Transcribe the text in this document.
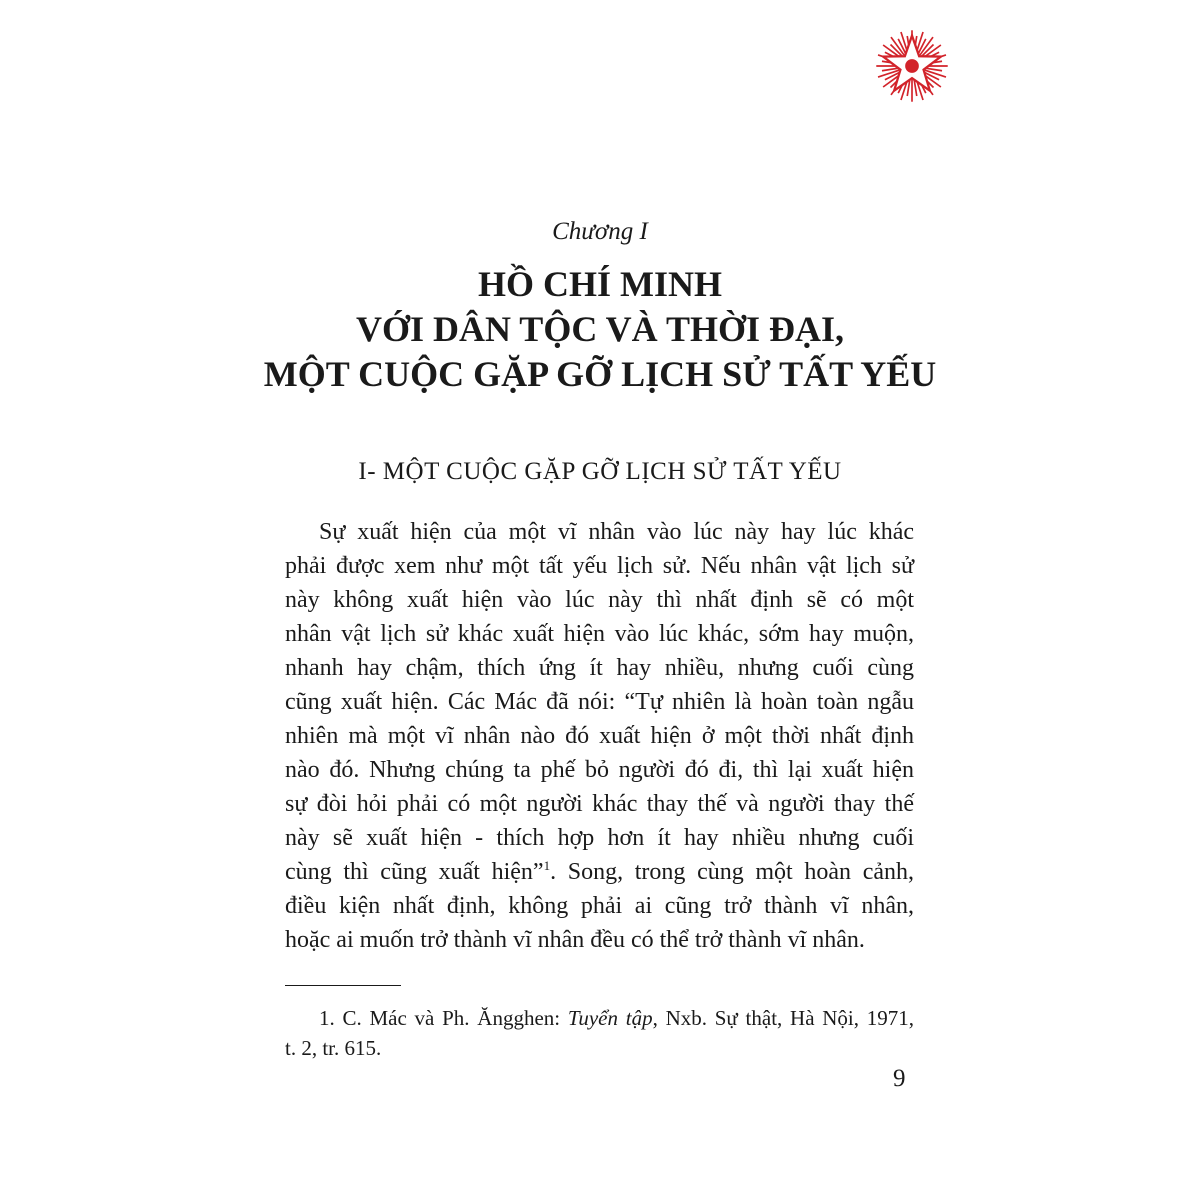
Chương I
HỒ CHÍ MINH
VỚI DÂN TỘC VÀ THỜI ĐẠI,
MỘT CUỘC GẶP GỠ LỊCH SỬ TẤT YẾU
I- MỘT CUỘC GẶP GỠ LỊCH SỬ TẤT YẾU
Sự xuất hiện của một vĩ nhân vào lúc này hay lúc khác
phải được xem như một tất yếu lịch sử. Nếu nhân vật lịch sử
này không xuất hiện vào lúc này thì nhất định sẽ có một
nhân vật lịch sử khác xuất hiện vào lúc khác, sớm hay muộn,
nhanh hay chậm, thích ứng ít hay nhiều, nhưng cuối cùng
cũng xuất hiện. Các Mác đã nói: “Tự nhiên là hoàn toàn ngẫu
nhiên mà một vĩ nhân nào đó xuất hiện ở một thời nhất định
nào đó. Nhưng chúng ta phế bỏ người đó đi, thì lại xuất hiện
sự đòi hỏi phải có một người khác thay thế và người thay thế
này sẽ xuất hiện - thích hợp hơn ít hay nhiều nhưng cuối
cùng thì cũng xuất hiện”$^1$. Song, trong cùng một hoàn cảnh,
điều kiện nhất định, không phải ai cũng trở thành vĩ nhân,
hoặc ai muốn trở thành vĩ nhân đều có thể trở thành vĩ nhân.
1. C. Mác và Ph. Ăngghen: Tuyển tập, Nxb. Sự thật, Hà Nội, 1971,
t. 2, tr. 615.
9
